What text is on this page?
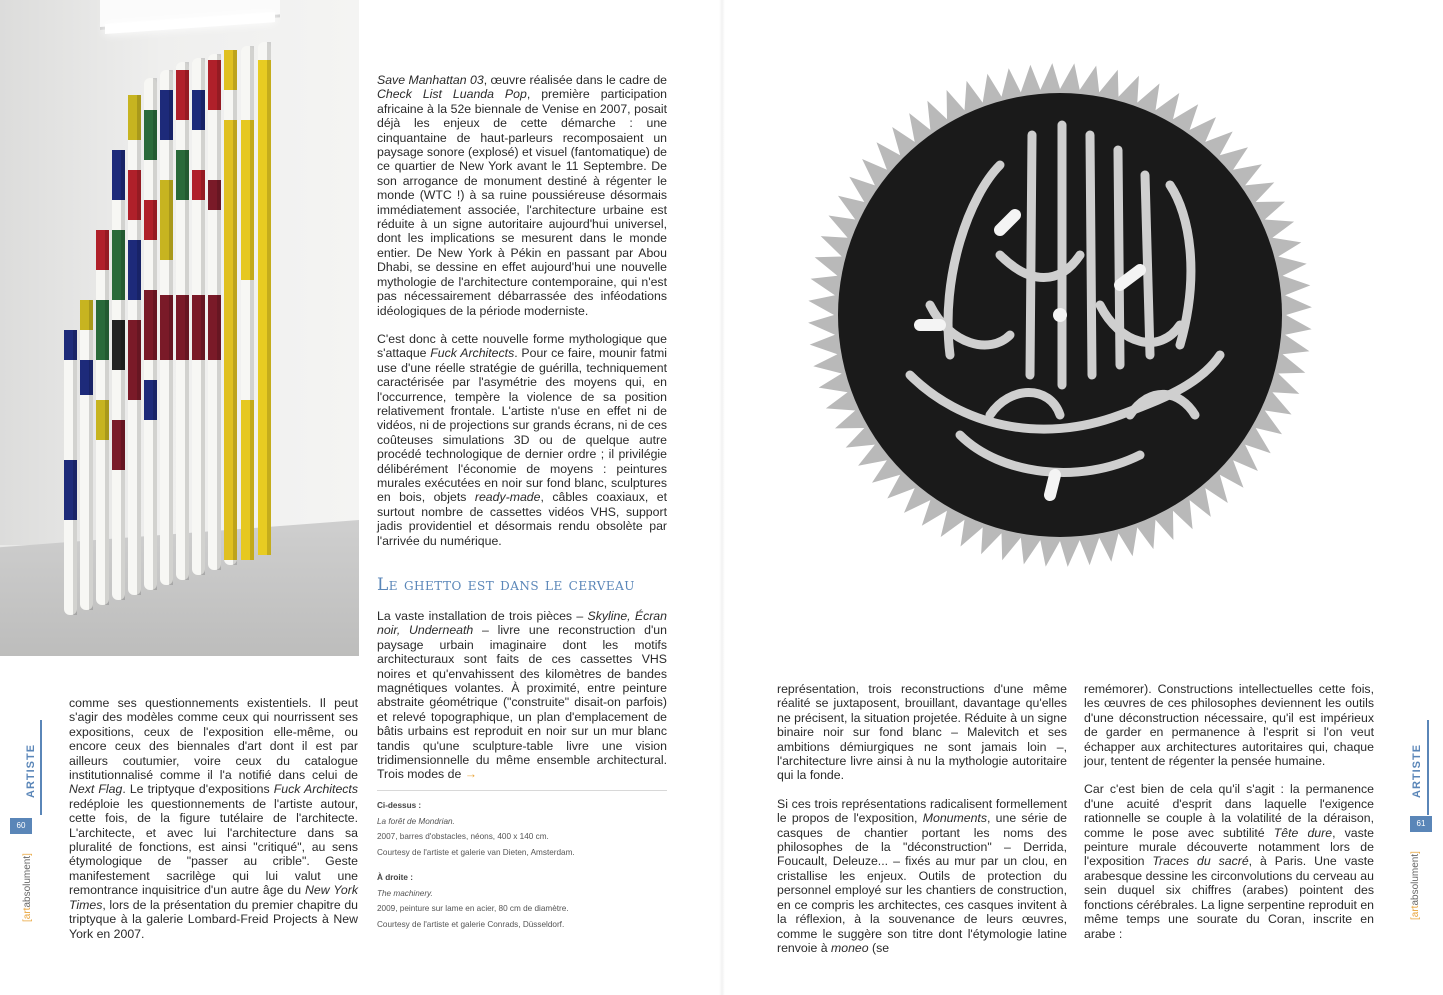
Save Manhattan 03, œuvre réalisée dans le cadre de Check List Luanda Pop, première participation africaine à la 52e biennale de Venise en 2007, posait déjà les enjeux de cette démarche : une cinquantaine de haut-parleurs recomposaient un paysage sonore (explosé) et visuel (fantomatique) de ce quartier de New York avant le 11 Septembre. De son arrogance de monument destiné à régenter le monde (WTC !) à sa ruine poussiéreuse désormais immédiatement associée, l'architecture urbaine est réduite à un signe autoritaire aujourd'hui universel, dont les implications se mesurent dans le monde entier. De New York à Pékin en passant par Abou Dhabi, se dessine en effet aujourd'hui une nouvelle mythologie de l'architecture contemporaine, qui n'est pas nécessairement débarrassée des inféodations idéologiques de la période moderniste.

C'est donc à cette nouvelle forme mythologique que s'attaque Fuck Architects. Pour ce faire, mounir fatmi use d'une réelle stratégie de guérilla, techniquement caractérisée par l'asymétrie des moyens qui, en l'occurrence, tempère la violence de sa position relativement frontale. L'artiste n'use en effet ni de vidéos, ni de projections sur grands écrans, ni de ces coûteuses simulations 3D ou de quelque autre procédé technologique de dernier ordre ; il privilégie délibérément l'économie de moyens : peintures murales exécutées en noir sur fond blanc, sculptures en bois, objets ready-made, câbles coaxiaux, et surtout nombre de cassettes vidéos VHS, support jadis providentiel et désormais rendu obsolète par l'arrivée du numérique.

Le ghetto est dans le cerveau

La vaste installation de trois pièces – Skyline, Écran noir, Underneath – livre une reconstruction d'un paysage urbain imaginaire dont les motifs architecturaux sont faits de ces cassettes VHS noires et qu'envahissent des kilomètres de bandes magnétiques volantes. À proximité, entre peinture abstraite géométrique ("construite" disait-on parfois) et relevé topographique, un plan d'emplacement de bâtis urbains est reproduit en noir sur un mur blanc tandis qu'une sculpture-table livre une vision tridimensionnelle du même ensemble architectural. Trois modes de →

Ci-dessus :
La forêt de Mondrian.
2007, barres d'obstacles, néons, 400 x 140 cm.
Courtesy de l'artiste et galerie van Dieten, Amsterdam.
À droite :
The machinery.
2009, peinture sur lame en acier, 80 cm de diamètre.
Courtesy de l'artiste et galerie Conrads, Düsseldorf.

comme ses questionnements existentiels. Il peut s'agir des modèles comme ceux qui nourrissent ses expositions, ceux de l'exposition elle-même, ou encore ceux des biennales d'art dont il est par ailleurs coutumier, voire ceux du catalogue institutionnalisé comme il l'a notifié dans celui de Next Flag. Le triptyque d'expositions Fuck Architects redéploie les questionnements de l'artiste autour, cette fois, de la figure tutélaire de l'architecte. L'architecte, et avec lui l'architecture dans sa pluralité de fonctions, est ainsi "critiqué", au sens étymologique de "passer au crible". Geste manifestement sacrilège qui lui valut une remontrance inquisitrice d'un autre âge du New York Times, lors de la présentation du premier chapitre du triptyque à la galerie Lombard-Freid Projects à New York en 2007.

représentation, trois reconstructions d'une même réalité se juxtaposent, brouillant, davantage qu'elles ne précisent, la situation projetée. Réduite à un signe binaire noir sur fond blanc – Malevitch et ses ambitions démiurgiques ne sont jamais loin –, l'architecture livre ainsi à nu la mythologie autoritaire qui la fonde.

Si ces trois représentations radicalisent formellement le propos de l'exposition, Monuments, une série de casques de chantier portant les noms des philosophes de la "déconstruction" – Derrida, Foucault, Deleuze... – fixés au mur par un clou, en cristallise les enjeux. Outils de protection du personnel employé sur les chantiers de construction, en ce compris les architectes, ces casques invitent à la réflexion, à la souvenance de leurs œuvres, comme le suggère son titre dont l'étymologie latine renvoie à moneo (se

remémorer). Constructions intellectuelles cette fois, les œuvres de ces philosophes deviennent les outils d'une déconstruction nécessaire, qu'il est impérieux de garder en permanence à l'esprit si l'on veut échapper aux architectures autoritaires qui, chaque jour, tentent de régenter la pensée humaine.

Car c'est bien de cela qu'il s'agit : la permanence d'une acuité d'esprit dans laquelle l'exigence rationnelle se couple à la volatilité de la déraison, comme le pose avec subtilité Tête dure, vaste peinture murale découverte notamment lors de l'exposition Traces du sacré, à Paris. Une vaste arabesque dessine les circonvolutions du cerveau au sein duquel six chiffres (arabes) pointent des fonctions cérébrales. La ligne serpentine reproduit en même temps une sourate du Coran, inscrite en arabe :

ARTISTE
60
[artabsolument]
ARTISTE
61
[artabsolument]
